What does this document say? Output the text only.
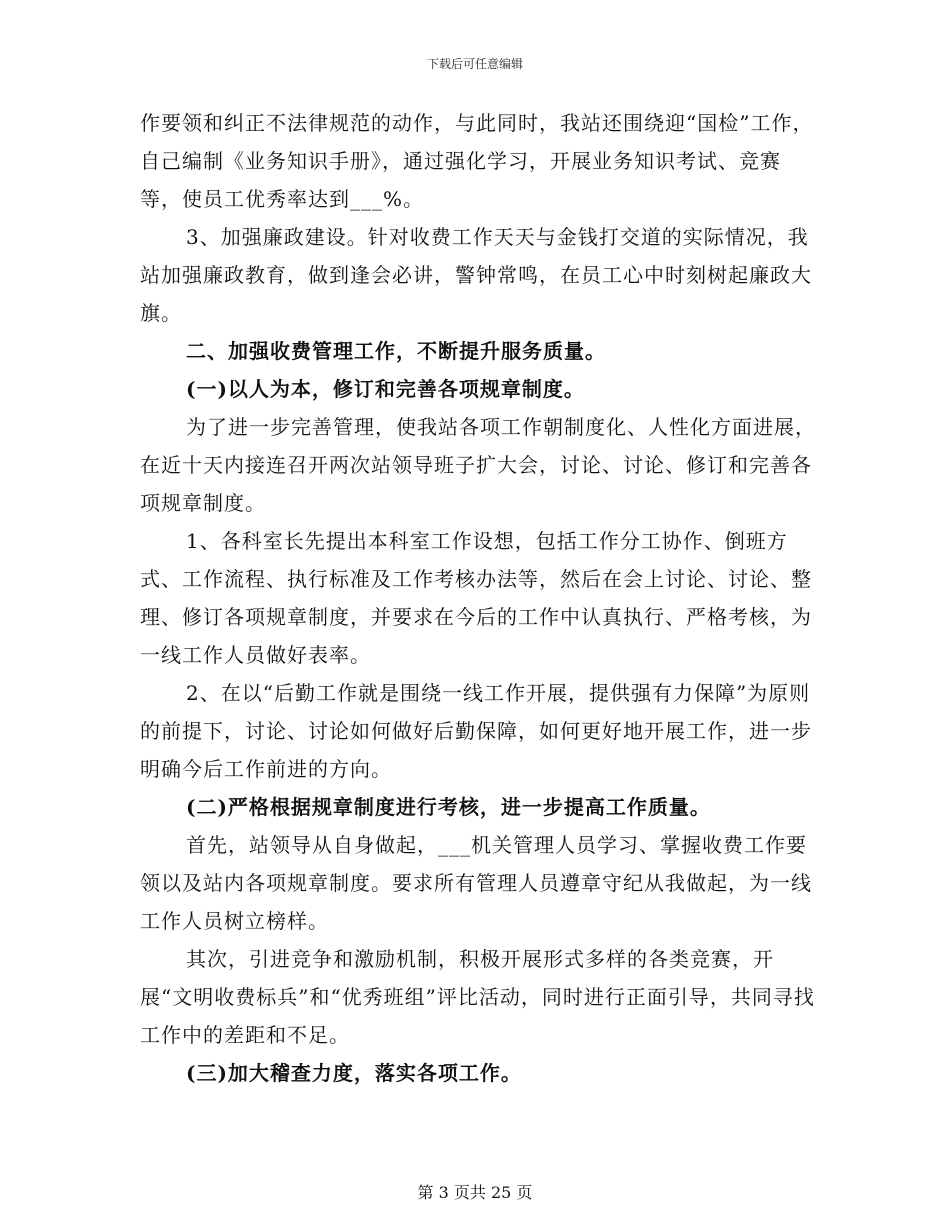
下载后可任意编辑

作要领和纠正不法律规范的动作，与此同时，我站还围绕迎“国检”工作，自己编制《业务知识手册》，通过强化学习，开展业务知识考试、竞赛等，使员工优秀率达到___%。

3、加强廉政建设。针对收费工作天天与金钱打交道的实际情况，我站加强廉政教育，做到逢会必讲，警钟常鸣，在员工心中时刻树起廉政大旗。

二、加强收费管理工作，不断提升服务质量。

(一)以人为本，修订和完善各项规章制度。

为了进一步完善管理，使我站各项工作朝制度化、人性化方面进展，在近十天内接连召开两次站领导班子扩大会，讨论、讨论、修订和完善各项规章制度。

1、各科室长先提出本科室工作设想，包括工作分工协作、倒班方式、工作流程、执行标准及工作考核办法等，然后在会上讨论、讨论、整理、修订各项规章制度，并要求在今后的工作中认真执行、严格考核，为一线工作人员做好表率。

2、在以“后勤工作就是围绕一线工作开展，提供强有力保障”为原则的前提下，讨论、讨论如何做好后勤保障，如何更好地开展工作，进一步明确今后工作前进的方向。

(二)严格根据规章制度进行考核，进一步提高工作质量。

首先，站领导从自身做起，___机关管理人员学习、掌握收费工作要领以及站内各项规章制度。要求所有管理人员遵章守纪从我做起，为一线工作人员树立榜样。

其次，引进竞争和激励机制，积极开展形式多样的各类竞赛，开展“文明收费标兵”和“优秀班组”评比活动，同时进行正面引导，共同寻找工作中的差距和不足。

(三)加大稽查力度，落实各项工作。

第 3 页共 25 页
